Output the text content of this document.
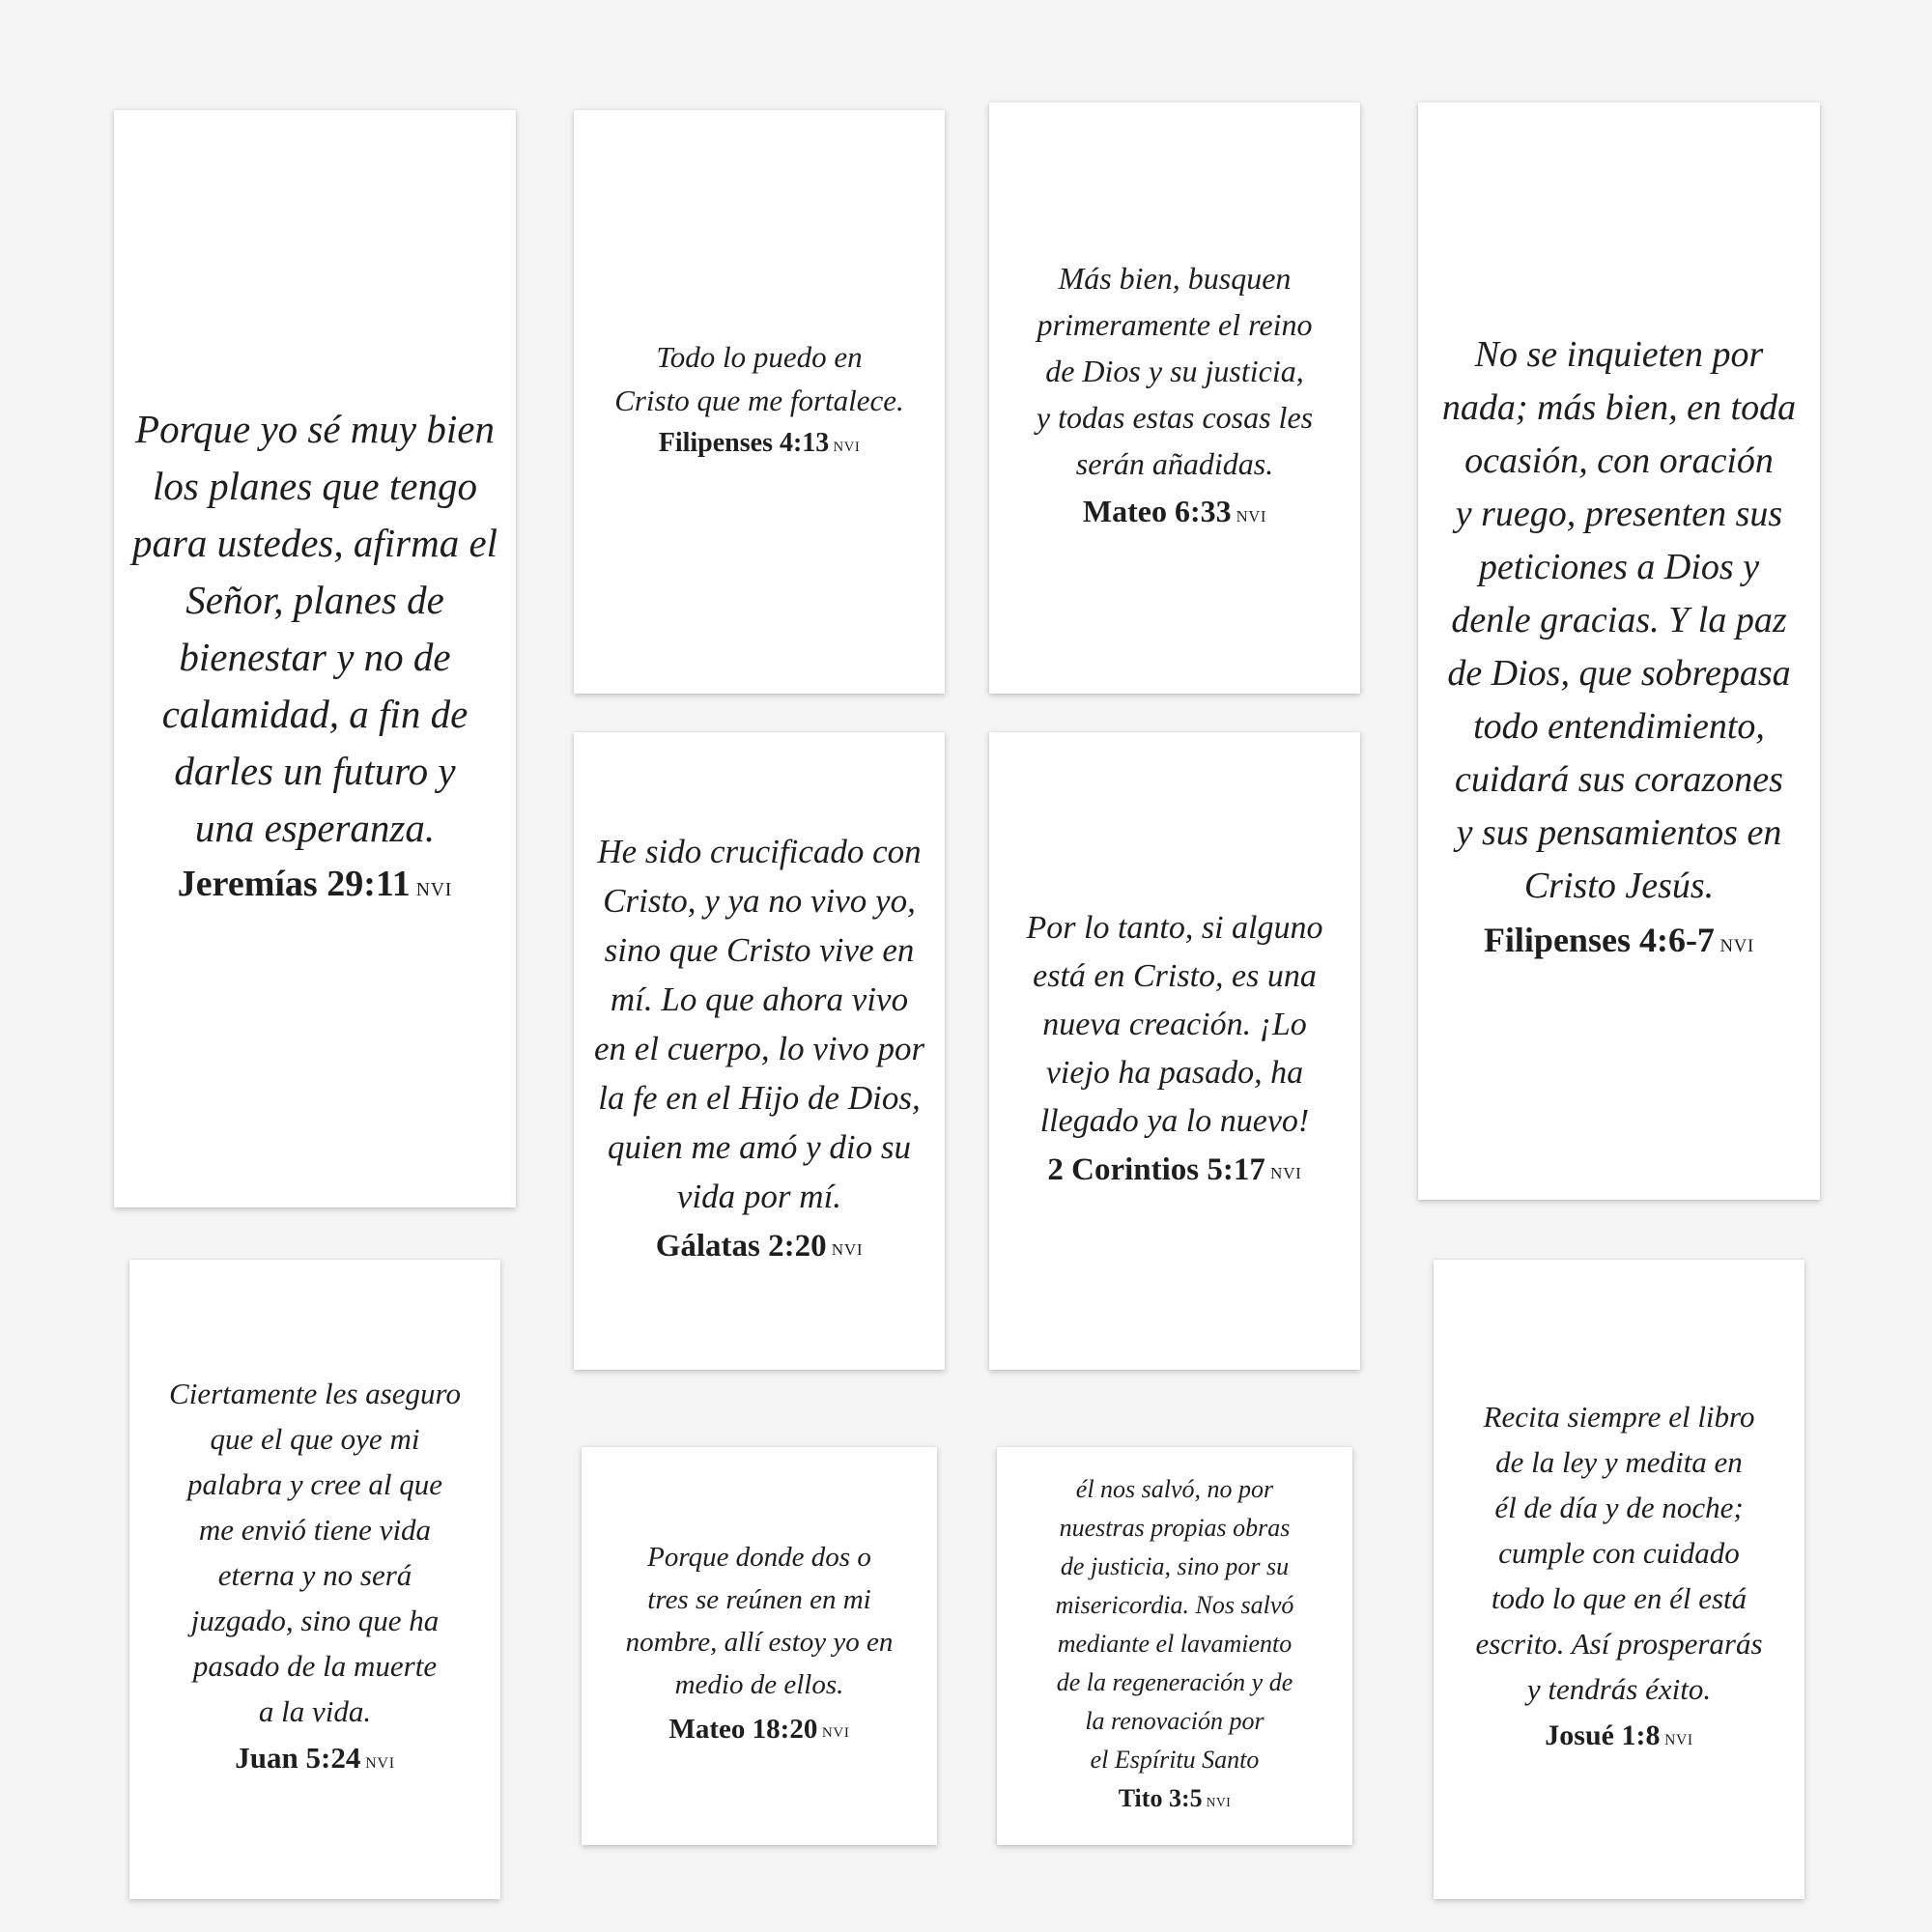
Porque yo sé muy bien
los planes que tengo
para ustedes, afirma el
Señor, planes de
bienestar y no de
calamidad, a fin de
darles un futuro y
una esperanza.

Jeremías 29:11 NVI

Todo lo puedo en
Cristo que me fortalece.

Filipenses 4:13 NVI

Más bien, busquen
primeramente el reino
de Dios y su justicia,
y todas estas cosas les
serán añadidas.

Mateo 6:33 NVI

No se inquieten por
nada; más bien, en toda
ocasión, con oración
y ruego, presenten sus
peticiones a Dios y
denle gracias. Y la paz
de Dios, que sobrepasa
todo entendimiento,
cuidará sus corazones
y sus pensamientos en
Cristo Jesús.

Filipenses 4:6-7 NVI

He sido crucificado con
Cristo, y ya no vivo yo,
sino que Cristo vive en
mí. Lo que ahora vivo
en el cuerpo, lo vivo por
la fe en el Hijo de Dios,
quien me amó y dio su
vida por mí.

Gálatas 2:20 NVI

Por lo tanto, si alguno
está en Cristo, es una
nueva creación. ¡Lo
viejo ha pasado, ha
llegado ya lo nuevo!

2 Corintios 5:17 NVI

Ciertamente les aseguro
que el que oye mi
palabra y cree al que
me envió tiene vida
eterna y no será
juzgado, sino que ha
pasado de la muerte
a la vida.

Juan 5:24 NVI

Porque donde dos o
tres se reúnen en mi
nombre, allí estoy yo en
medio de ellos.

Mateo 18:20 NVI

él nos salvó, no por
nuestras propias obras
de justicia, sino por su
misericordia. Nos salvó
mediante el lavamiento
de la regeneración y de
la renovación por
el Espíritu Santo

Tito 3:5 NVI

Recita siempre el libro
de la ley y medita en
él de día y de noche;
cumple con cuidado
todo lo que en él está
escrito. Así prosperarás
y tendrás éxito.

Josué 1:8 NVI
